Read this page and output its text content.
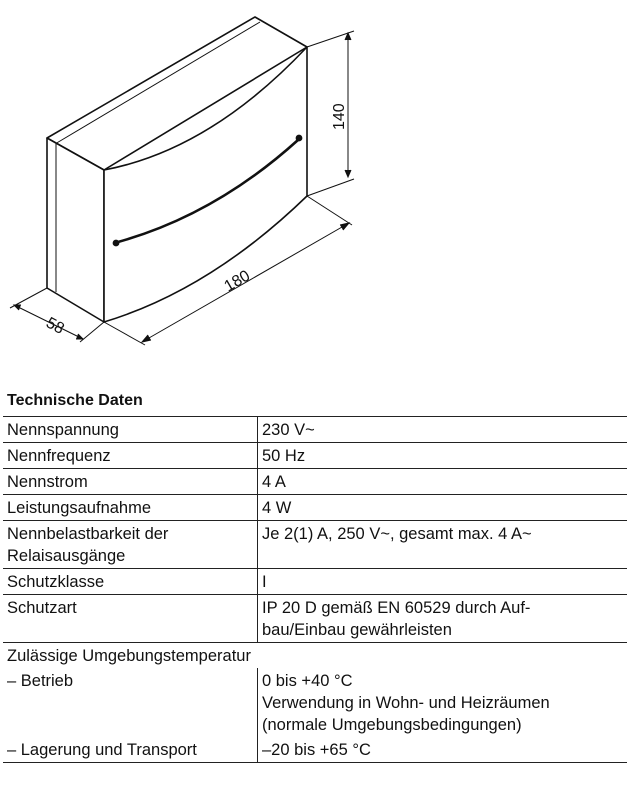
140
180
58
Technische Daten
Nennspannung	230 V~
Nennfrequenz	50 Hz
Nennstrom	4 A
Leistungsaufnahme	4 W

Nennbelastbarkeit der
Relaisausgänge	Je 2(1) A, 250 V~, gesamt max. 4 A~
Schutzklasse	I
Schutzart	IP 20 D gemäß EN 60529 durch Auf-
bau/Einbau gewährleisten

Zulässige Umgebungstemperatur	
– Betrieb	0 bis +40 °C
Verwendung in Wohn- und Heizräumen
(normale Umgebungsbedingungen)

– Lagerung und Transport	–20 bis +65 °C
